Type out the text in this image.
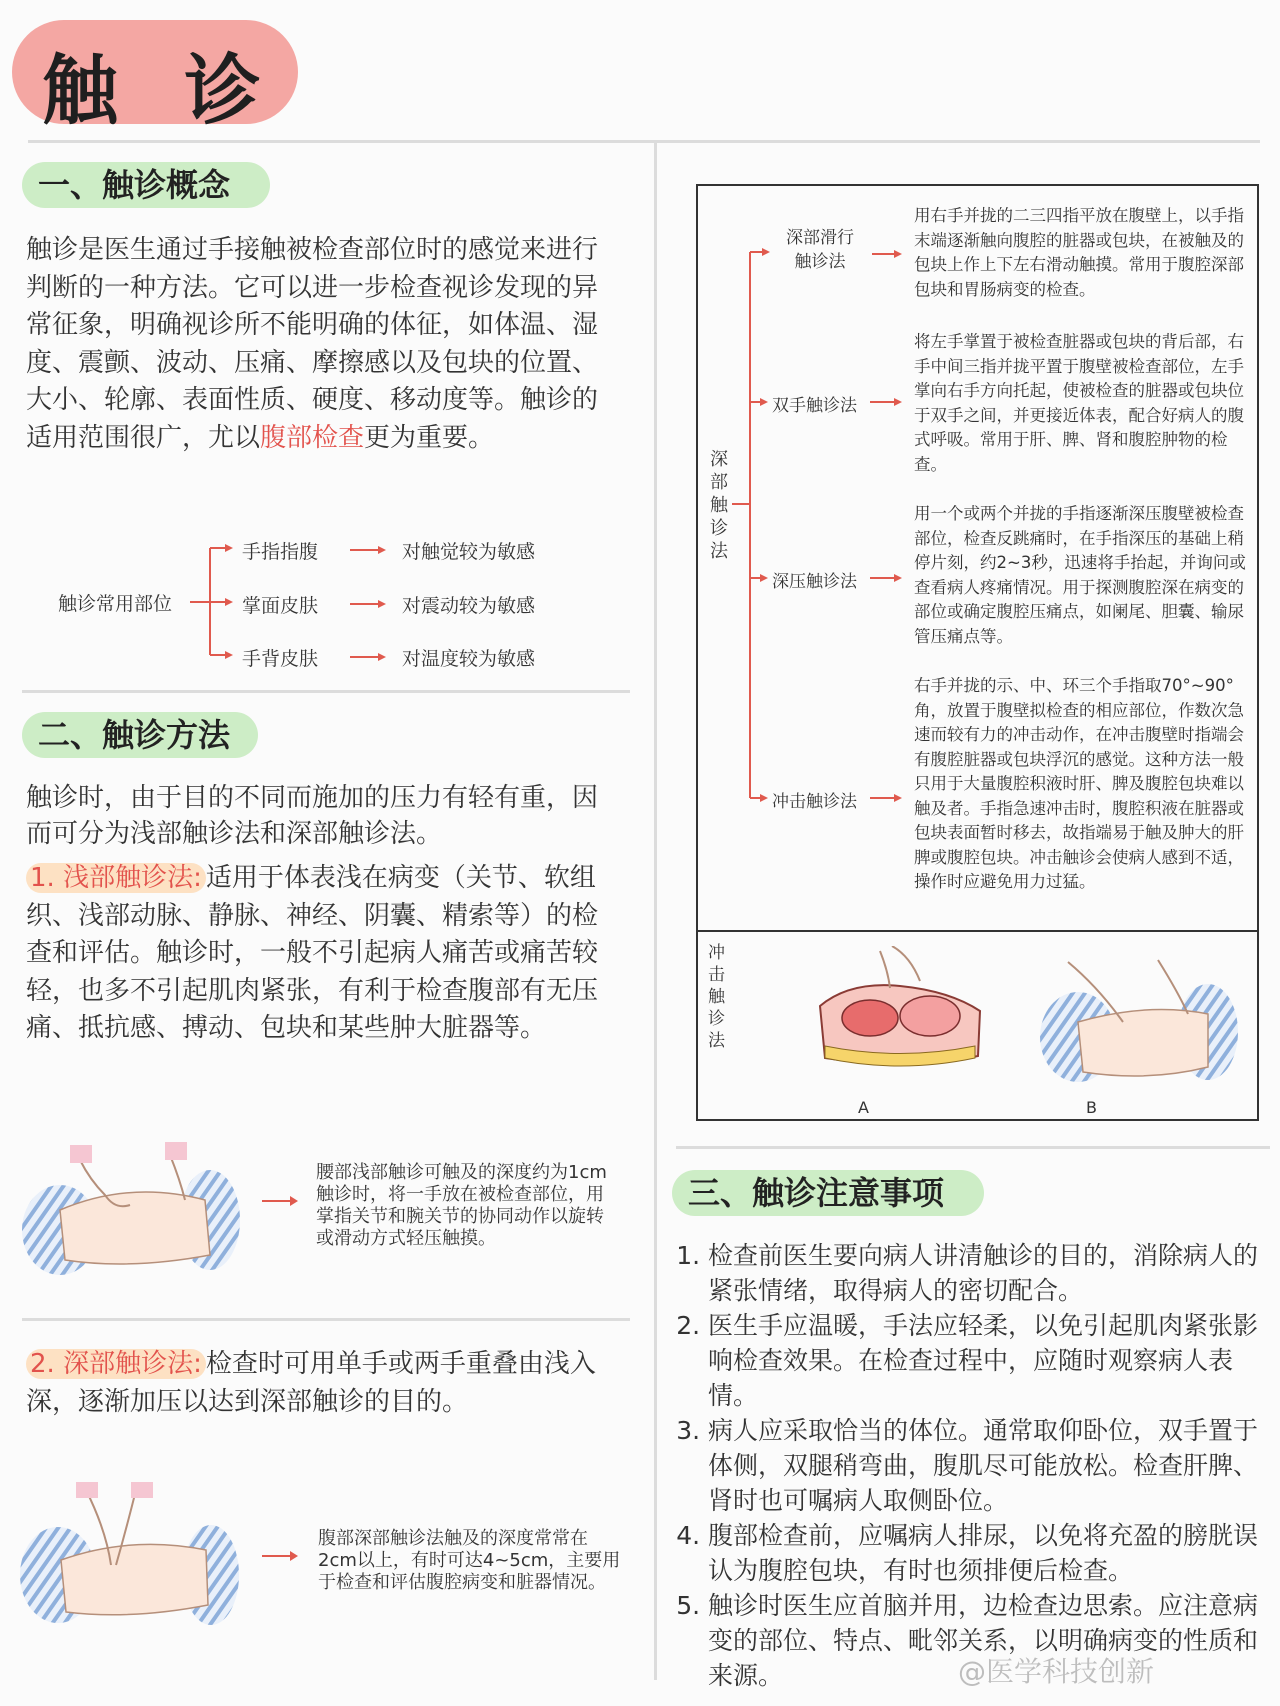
触 诊
一、触诊概念
触诊是医生通过手接触被检查部位时的感觉来进行判断的一种方法。它可以进一步检查视诊发现的异常征象，明确视诊所不能明确的体征，如体温、湿度、震颤、波动、压痛、摩擦感以及包块的位置、大小、轮廓、表面性质、硬度、移动度等。触诊的适用范围很广，尤以腹部检查更为重要。
触诊常用部位
手指指腹
掌面皮肤
手背皮肤
对触觉较为敏感
对震动较为敏感
对温度较为敏感
二、触诊方法
触诊时，由于目的不同而施加的压力有轻有重，因而可分为浅部触诊法和深部触诊法。
1. 浅部触诊法: 适用于体表浅在病变（关节、软组织、浅部动脉、静脉、神经、阴囊、精索等）的检查和评估。触诊时，一般不引起病人痛苦或痛苦较轻，也多不引起肌肉紧张，有利于检查腹部有无压痛、抵抗感、搏动、包块和某些肿大脏器等。
腰部浅部触诊可触及的深度约为1cm触诊时，将一手放在被检查部位，用掌指关节和腕关节的协同动作以旋转或滑动方式轻压触摸。
2. 深部触诊法: 检查时可用单手或两手重叠由浅入深，逐渐加压以达到深部触诊的目的。
腹部深部触诊法触及的深度常常在2cm以上，有时可达4~5cm，主要用于检查和评估腹腔病变和脏器情况。
深部触诊法
深部滑行触诊法
双手触诊法
深压触诊法
冲击触诊法
用右手并拢的二三四指平放在腹壁上，以手指末端逐渐触向腹腔的脏器或包块，在被触及的包块上作上下左右滑动触摸。常用于腹腔深部包块和胃肠病变的检查。
将左手掌置于被检查脏器或包块的背后部，右手中间三指并拢平置于腹壁被检查部位，左手掌向右手方向托起，使被检查的脏器或包块位于双手之间，并更接近体表，配合好病人的腹式呼吸。常用于肝、脾、肾和腹腔肿物的检查。
用一个或两个并拢的手指逐渐深压腹壁被检查部位，检查反跳痛时，在手指深压的基础上稍停片刻，约2~3秒，迅速将手抬起，并询问或查看病人疼痛情况。用于探测腹腔深在病变的部位或确定腹腔压痛点，如阑尾、胆囊、输尿管压痛点等。
右手并拢的示、中、环三个手指取70°~90°角，放置于腹壁拟检查的相应部位，作数次急速而较有力的冲击动作，在冲击腹壁时指端会有腹腔脏器或包块浮沉的感觉。这种方法一般只用于大量腹腔积液时肝、脾及腹腔包块难以触及者。手指急速冲击时，腹腔积液在脏器或包块表面暂时移去，故指端易于触及肿大的肝脾或腹腔包块。冲击触诊会使病人感到不适，操作时应避免用力过猛。
冲击触诊法
A	B
三、触诊注意事项
1. 检查前医生要向病人讲清触诊的目的，消除病人的紧张情绪，取得病人的密切配合。
2. 医生手应温暖，手法应轻柔，以免引起肌肉紧张影响检查效果。在检查过程中，应随时观察病人表情。
3. 病人应采取恰当的体位。通常取仰卧位，双手置于体侧，双腿稍弯曲，腹肌尽可能放松。检查肝脾、肾时也可嘱病人取侧卧位。
4. 腹部检查前，应嘱病人排尿，以免将充盈的膀胱误认为腹腔包块，有时也须排便后检查。
5. 触诊时医生应首脑并用，边检查边思索。应注意病变的部位、特点、毗邻关系，以明确病变的性质和来源。	@医学科技创新
